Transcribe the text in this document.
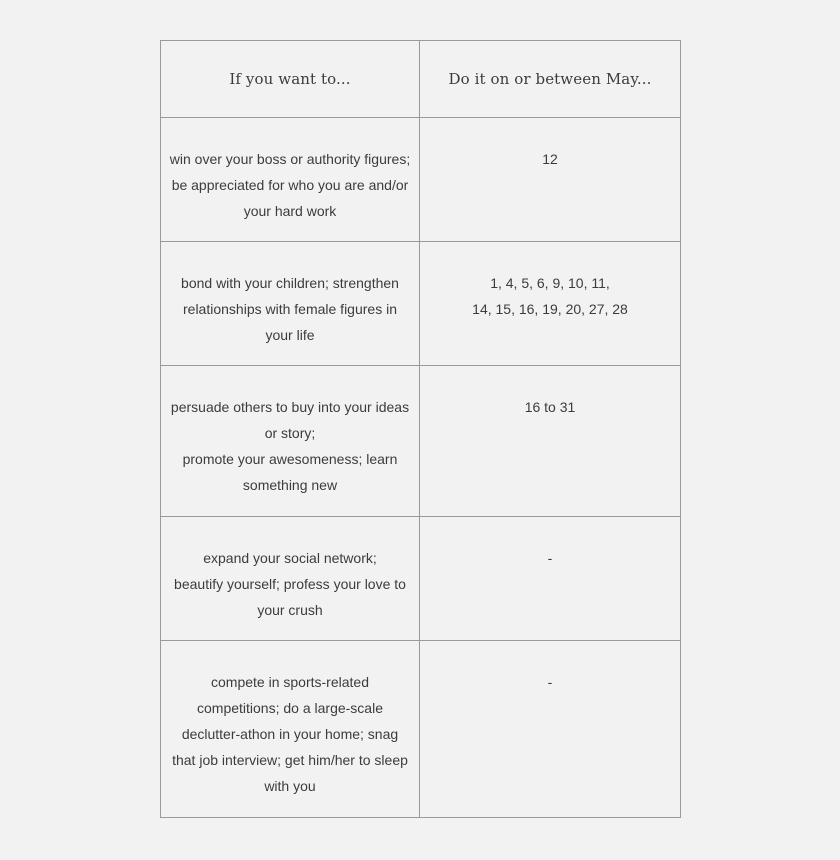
If you want to...	Do it on or between May...

win over your boss or authority figures;
be appreciated for who you are and/or
your hard work	12

bond with your children; strengthen
relationships with female figures in
your life	1, 4, 5, 6, 9, 10, 11,
14, 15, 16, 19, 20, 27, 28

persuade others to buy into your ideas
or story;
promote your awesomeness; learn
something new	16 to 31

expand your social network;
beautify yourself; profess your love to
your crush	-

compete in sports-related
competitions; do a large-scale
declutter-athon in your home; snag
that job interview; get him/her to sleep
with you	-
